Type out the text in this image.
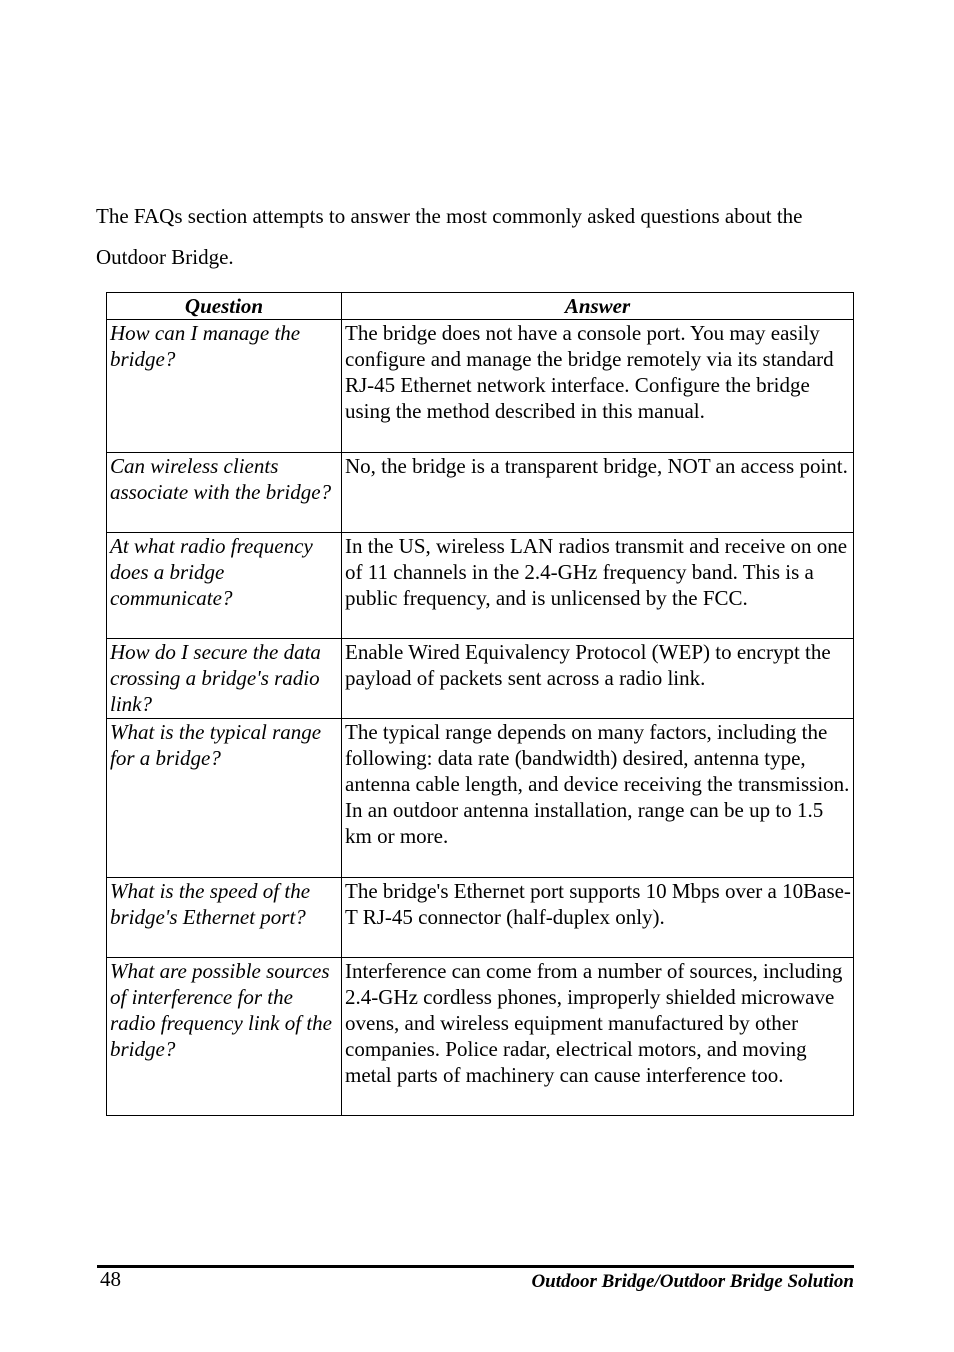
The FAQs section attempts to answer the most commonly asked questions about the Outdoor Bridge.

Question	Answer
How can I manage the bridge?	The bridge does not have a console port. You may easily configure and manage the bridge remotely via its standard RJ-45 Ethernet network interface. Configure the bridge using the method described in this manual.
Can wireless clients associate with the bridge?	No, the bridge is a transparent bridge, NOT an access point.
At what radio frequency does a bridge communicate?	In the US, wireless LAN radios transmit and receive on one of 11 channels in the 2.4-GHz frequency band. This is a public frequency, and is unlicensed by the FCC.
How do I secure the data crossing a bridge's radio link?	Enable Wired Equivalency Protocol (WEP) to encrypt the payload of packets sent across a radio link.
What is the typical range for a bridge?	The typical range depends on many factors, including the following: data rate (bandwidth) desired, antenna type, antenna cable length, and device receiving the transmission. In an outdoor antenna installation, range can be up to 1.5 km or more.
What is the speed of the bridge's Ethernet port?	The bridge's Ethernet port supports 10 Mbps over a 10Base-T RJ-45 connector (half-duplex only).
What are possible sources of interference for the radio frequency link of the bridge?	Interference can come from a number of sources, including 2.4-GHz cordless phones, improperly shielded microwave ovens, and wireless equipment manufactured by other companies. Police radar, electrical motors, and moving metal parts of machinery can cause interference too.
48	Outdoor Bridge/Outdoor Bridge Solution
